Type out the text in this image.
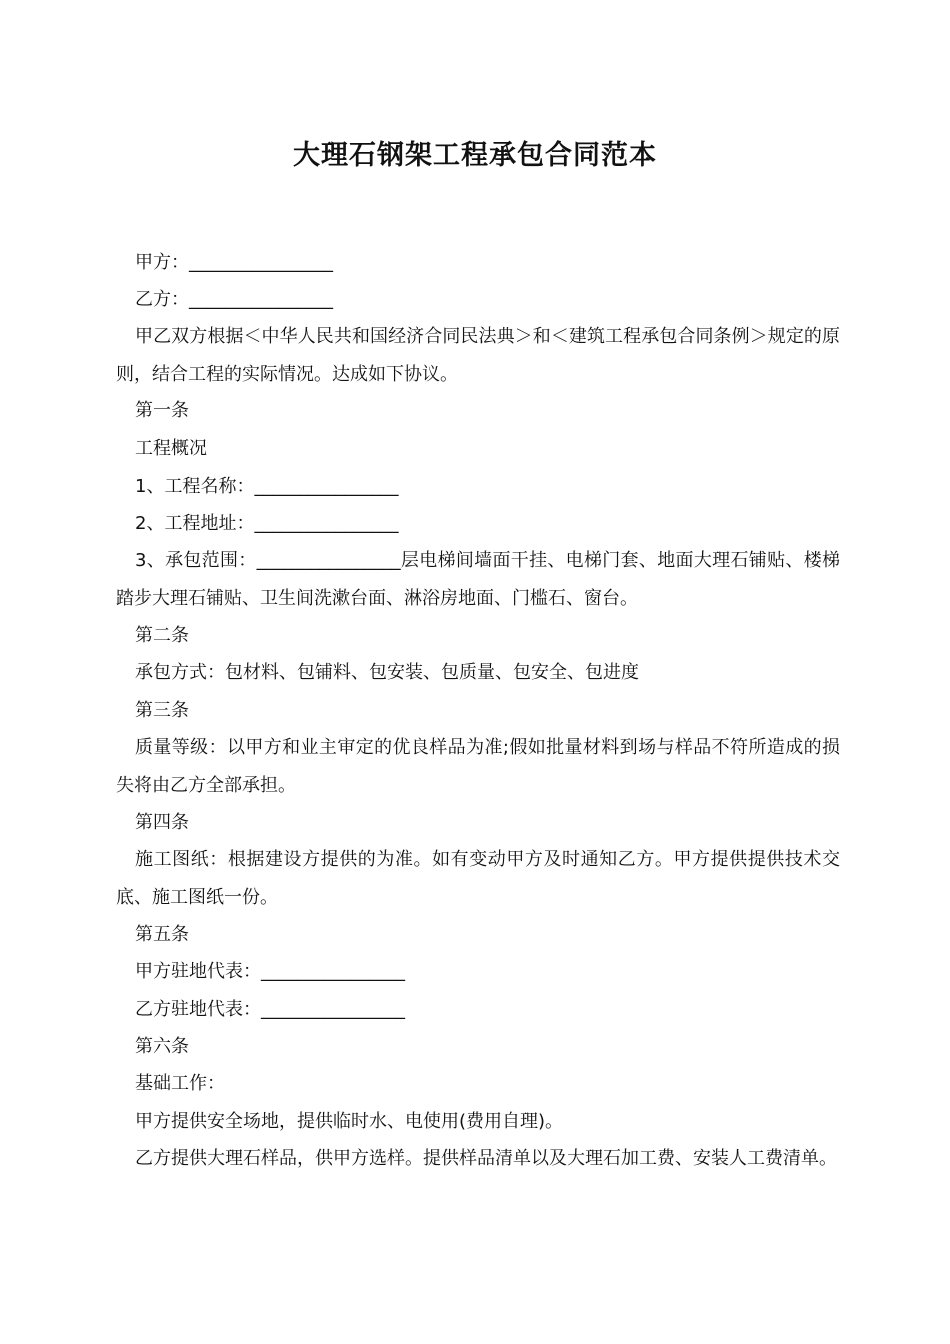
大理石钢架工程承包合同范本
甲方：________________
乙方：________________
甲乙双方根据＜中华人民共和国经济合同民法典＞和＜建筑工程承包合同条例＞规定的原则，结合工程的实际情况。达成如下协议。
第一条
工程概况
1、工程名称：________________
2、工程地址：________________
3、承包范围：________________层电梯间墙面干挂、电梯门套、地面大理石铺贴、楼梯踏步大理石铺贴、卫生间洗漱台面、淋浴房地面、门槛石、窗台。
第二条
承包方式：包材料、包铺料、包安装、包质量、包安全、包进度
第三条
质量等级：以甲方和业主审定的优良样品为准;假如批量材料到场与样品不符所造成的损失将由乙方全部承担。
第四条
施工图纸：根据建设方提供的为准。如有变动甲方及时通知乙方。甲方提供提供技术交底、施工图纸一份。
第五条
甲方驻地代表：________________
乙方驻地代表：________________
第六条
基础工作：
甲方提供安全场地，提供临时水、电使用(费用自理)。
乙方提供大理石样品，供甲方选样。提供样品清单以及大理石加工费、安装人工费清单。
